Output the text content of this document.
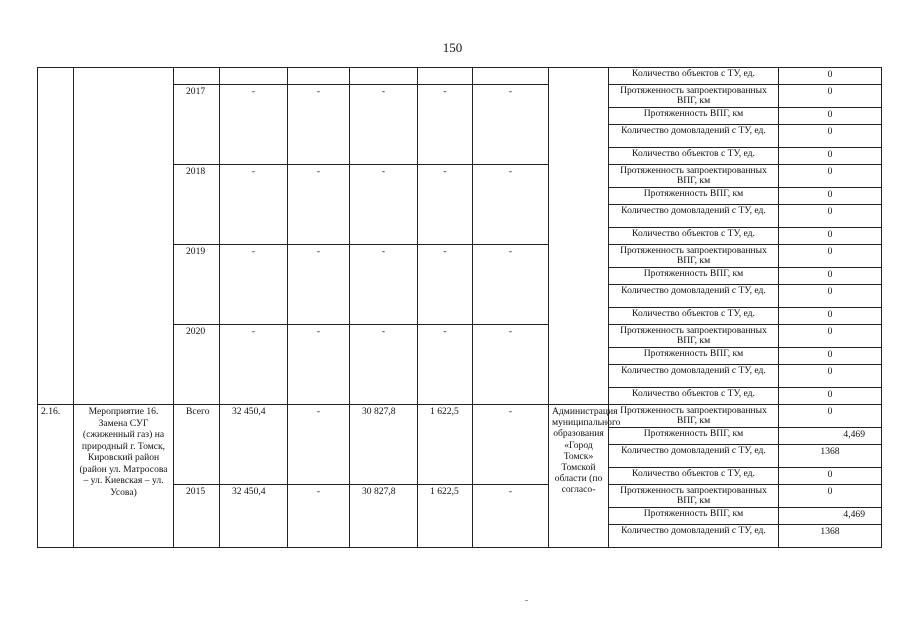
150
									Количество объектов с ТУ, ед.	0
		2017	-	-	-	-	-		Протяженность запроектированных ВПГ, км	0
									Протяженность ВПГ, км	0
									Количество домовладений с ТУ, ед.	0
									Количество объектов с ТУ, ед.	0
		2018	-	-	-	-	-		Протяженность запроектированных ВПГ, км	0
									Протяженность ВПГ, км	0
									Количество домовладений с ТУ, ед.	0
									Количество объектов с ТУ, ед.	0
		2019	-	-	-	-	-		Протяженность запроектированных ВПГ, км	0
									Протяженность ВПГ, км	0
									Количество домовладений с ТУ, ед.	0
									Количество объектов с ТУ, ед.	0
		2020	-	-	-	-	-		Протяженность запроектированных ВПГ, км	0
									Протяженность ВПГ, км	0
									Количество домовладений с ТУ, ед.	0
									Количество объектов с ТУ, ед.	0
2.16.	Мероприятие 16. Замена СУГ (сжиженный газ) на природный г. Томск, Кировский район (район ул. Матросова – ул. Киевская – ул. Усова)	Всего	32 450,4	-	30 827,8	1 622,5	-	Администрация муниципального образования «Город Томск» Томской области (по согласо-	Протяженность запроектированных ВПГ, км	0
									Протяженность ВПГ, км	4,469
									Количество домовладений с ТУ, ед.	1368
									Количество объектов с ТУ, ед.	0
		2015	32 450,4	-	30 827,8	1 622,5	-		Протяженность запроектированных ВПГ, км	0
									Протяженность ВПГ, км	4,469
									Количество домовладений с ТУ, ед.	1368
